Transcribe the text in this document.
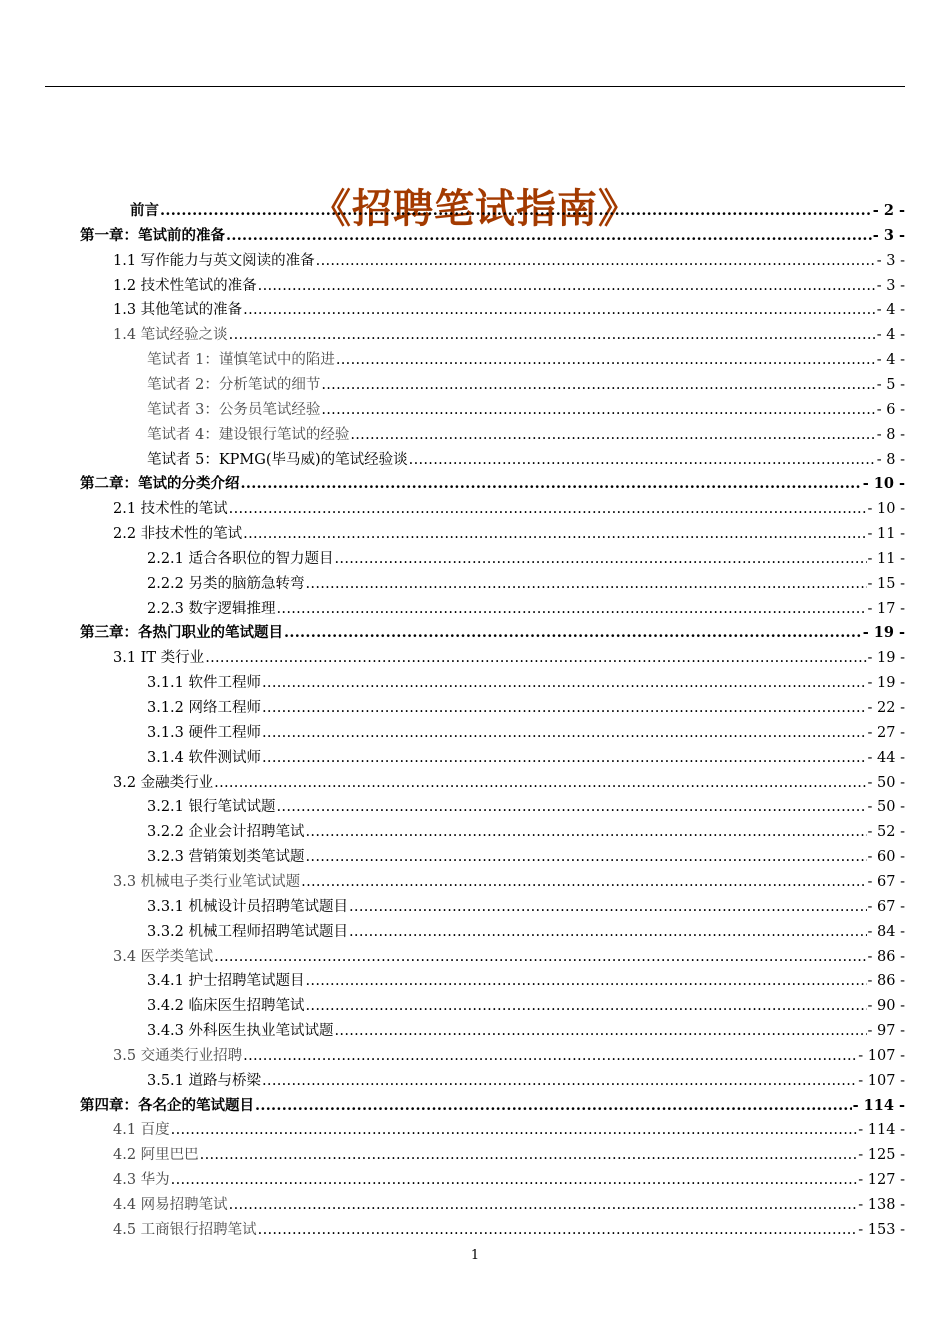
《招聘笔试指南》
前言 .....	- 2 -
第一章：笔试前的准备 .....	- 3 -
1.1 写作能力与英文阅读的准备 .....	- 3 -
1.2 技术性笔试的准备 .....	- 3 -
1.3 其他笔试的准备 .....	- 4 -
1.4 笔试经验之谈 .....	- 4 -
笔试者 1：谨慎笔试中的陷进 .....	- 4 -
笔试者 2：分析笔试的细节 .....	- 5 -
笔试者 3：公务员笔试经验 .....	- 6 -
笔试者 4：建设银行笔试的经验 .....	- 8 -
笔试者 5：KPMG(毕马威)的笔试经验谈 .....	- 8 -
第二章：笔试的分类介绍 .....	- 10 -
2.1 技术性的笔试 .....	- 10 -
2.2 非技术性的笔试 .....	- 11 -
2.2.1 适合各职位的智力题目 .....	- 11 -
2.2.2 另类的脑筋急转弯 .....	- 15 -
2.2.3 数字逻辑推理 .....	- 17 -
第三章：各热门职业的笔试题目 .....	- 19 -
3.1 IT 类行业 .....	- 19 -
3.1.1 软件工程师 .....	- 19 -
3.1.2 网络工程师 .....	- 22 -
3.1.3 硬件工程师 .....	- 27 -
3.1.4 软件测试师 .....	- 44 -
3.2 金融类行业 .....	- 50 -
3.2.1 银行笔试试题 .....	- 50 -
3.2.2 企业会计招聘笔试 .....	- 52 -
3.2.3 营销策划类笔试题 .....	- 60 -
3.3 机械电子类行业笔试试题 .....	- 67 -
3.3.1 机械设计员招聘笔试题目 .....	- 67 -
3.3.2 机械工程师招聘笔试题目 .....	- 84 -
3.4 医学类笔试 .....	- 86 -
3.4.1 护士招聘笔试题目 .....	- 86 -
3.4.2 临床医生招聘笔试 .....	- 90 -
3.4.3 外科医生执业笔试试题 .....	- 97 -
3.5 交通类行业招聘 .....	- 107 -
3.5.1 道路与桥梁 .....	- 107 -
第四章：各名企的笔试题目 .....	- 114 -
4.1 百度 .....	- 114 -
4.2 阿里巴巴 .....	- 125 -
4.3 华为 .....	- 127 -
4.4 网易招聘笔试 .....	- 138 -
4.5 工商银行招聘笔试 .....	- 153 -
1
